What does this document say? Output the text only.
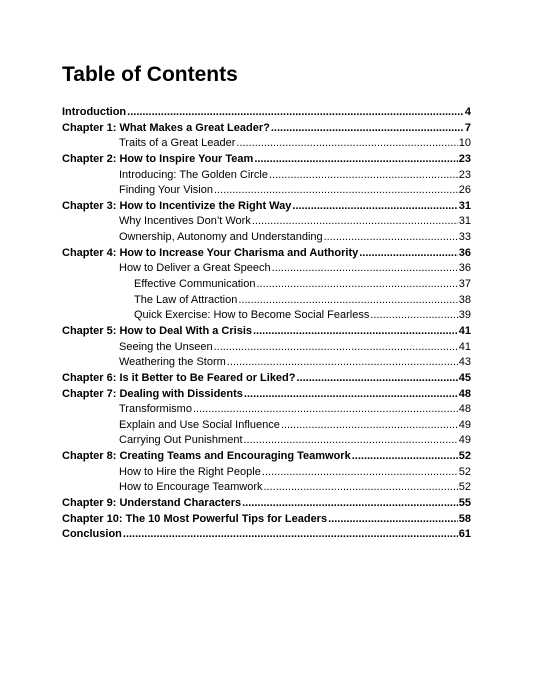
Table of Contents
Introduction .....	4
Chapter 1: What Makes a Great Leader? .....	7
Traits of a Great Leader .....	10
Chapter 2: How to Inspire Your Team .....	23
Introducing: The Golden Circle .....	23
Finding Your Vision .....	26
Chapter 3: How to Incentivize the Right Way .....	31
Why Incentives Don’t Work .....	31
Ownership, Autonomy and Understanding .....	33
Chapter 4: How to Increase Your Charisma and Authority .....	36
How to Deliver a Great Speech .....	36
Effective Communication .....	37
The Law of Attraction .....	38
Quick Exercise: How to Become Social Fearless .....	39
Chapter 5: How to Deal With a Crisis .....	41
Seeing the Unseen .....	41
Weathering the Storm .....	43
Chapter 6: Is it Better to Be Feared or Liked? .....	45
Chapter 7: Dealing with Dissidents .....	48
Transformismo .....	48
Explain and Use Social Influence .....	49
Carrying Out Punishment .....	49
Chapter 8: Creating Teams and Encouraging Teamwork .....	52
How to Hire the Right People .....	52
How to Encourage Teamwork .....	52
Chapter 9: Understand Characters .....	55
Chapter 10: The 10 Most Powerful Tips for Leaders .....	58
Conclusion .....	61
